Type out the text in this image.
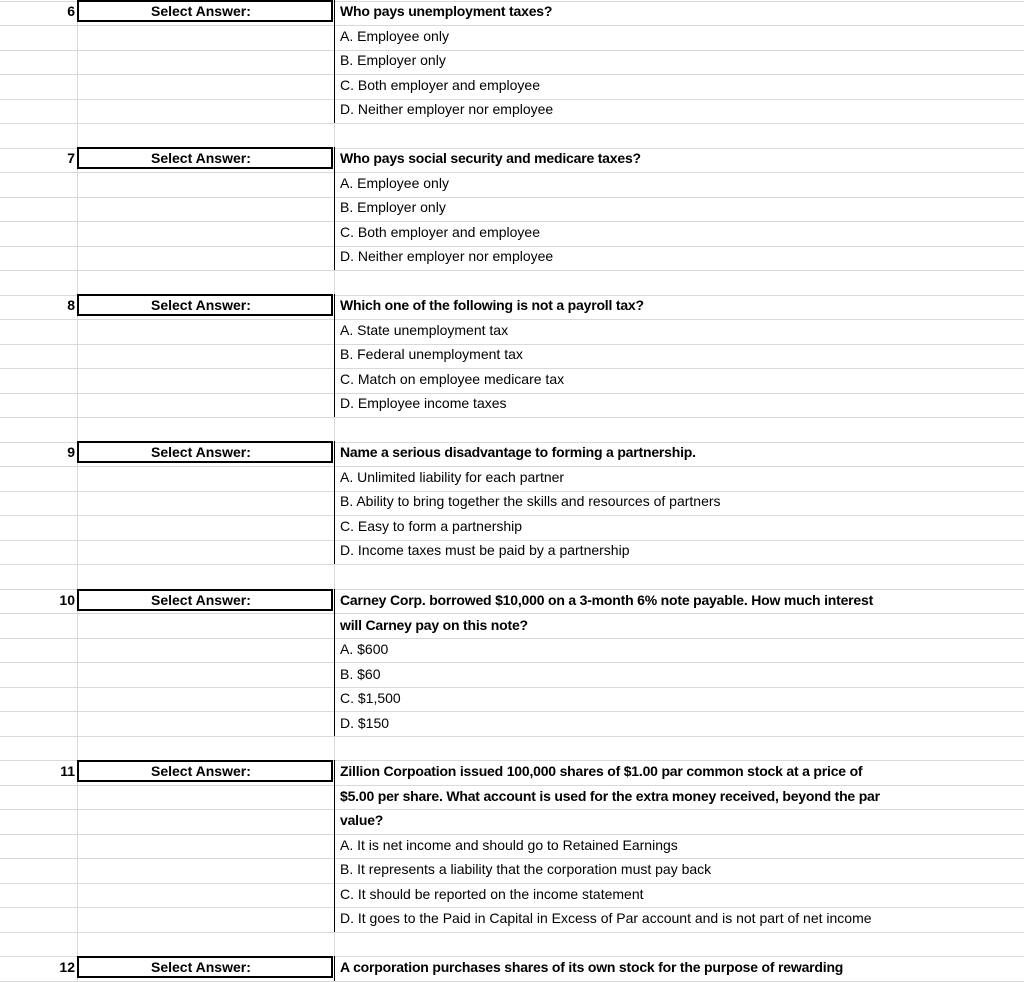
6	Select Answer:	Who pays unemployment taxes?
A. Employee only
B. Employer only
C. Both employer and employee
D. Neither employer nor employee
7	Select Answer:	Who pays social security and medicare taxes?
A. Employee only
B. Employer only
C. Both employer and employee
D. Neither employer nor employee
8	Select Answer:	Which one of the following is not a payroll tax?
A. State unemployment tax
B. Federal unemployment tax
C. Match on employee medicare tax
D. Employee income taxes
9	Select Answer:	Name a serious disadvantage to forming a partnership.
A. Unlimited liability for each partner
B. Ability to bring together the skills and resources of partners
C. Easy to form a partnership
D. Income taxes must be paid by a partnership
10	Select Answer:	Carney Corp. borrowed $10,000 on a 3-month 6% note payable. How much interest
will Carney pay on this note?
A. $600
B. $60
C. $1,500
D. $150
11	Select Answer:	Zillion Corpoation issued 100,000 shares of $1.00 par common stock at a price of
$5.00 per share. What account is used for the extra money received, beyond the par
value?
A. It is net income and should go to Retained Earnings
B. It represents a liability that the corporation must pay back
C. It should be reported on the income statement
D. It goes to the Paid in Capital in Excess of Par account and is not part of net income
12	Select Answer:	A corporation purchases shares of its own stock for the purpose of rewarding
